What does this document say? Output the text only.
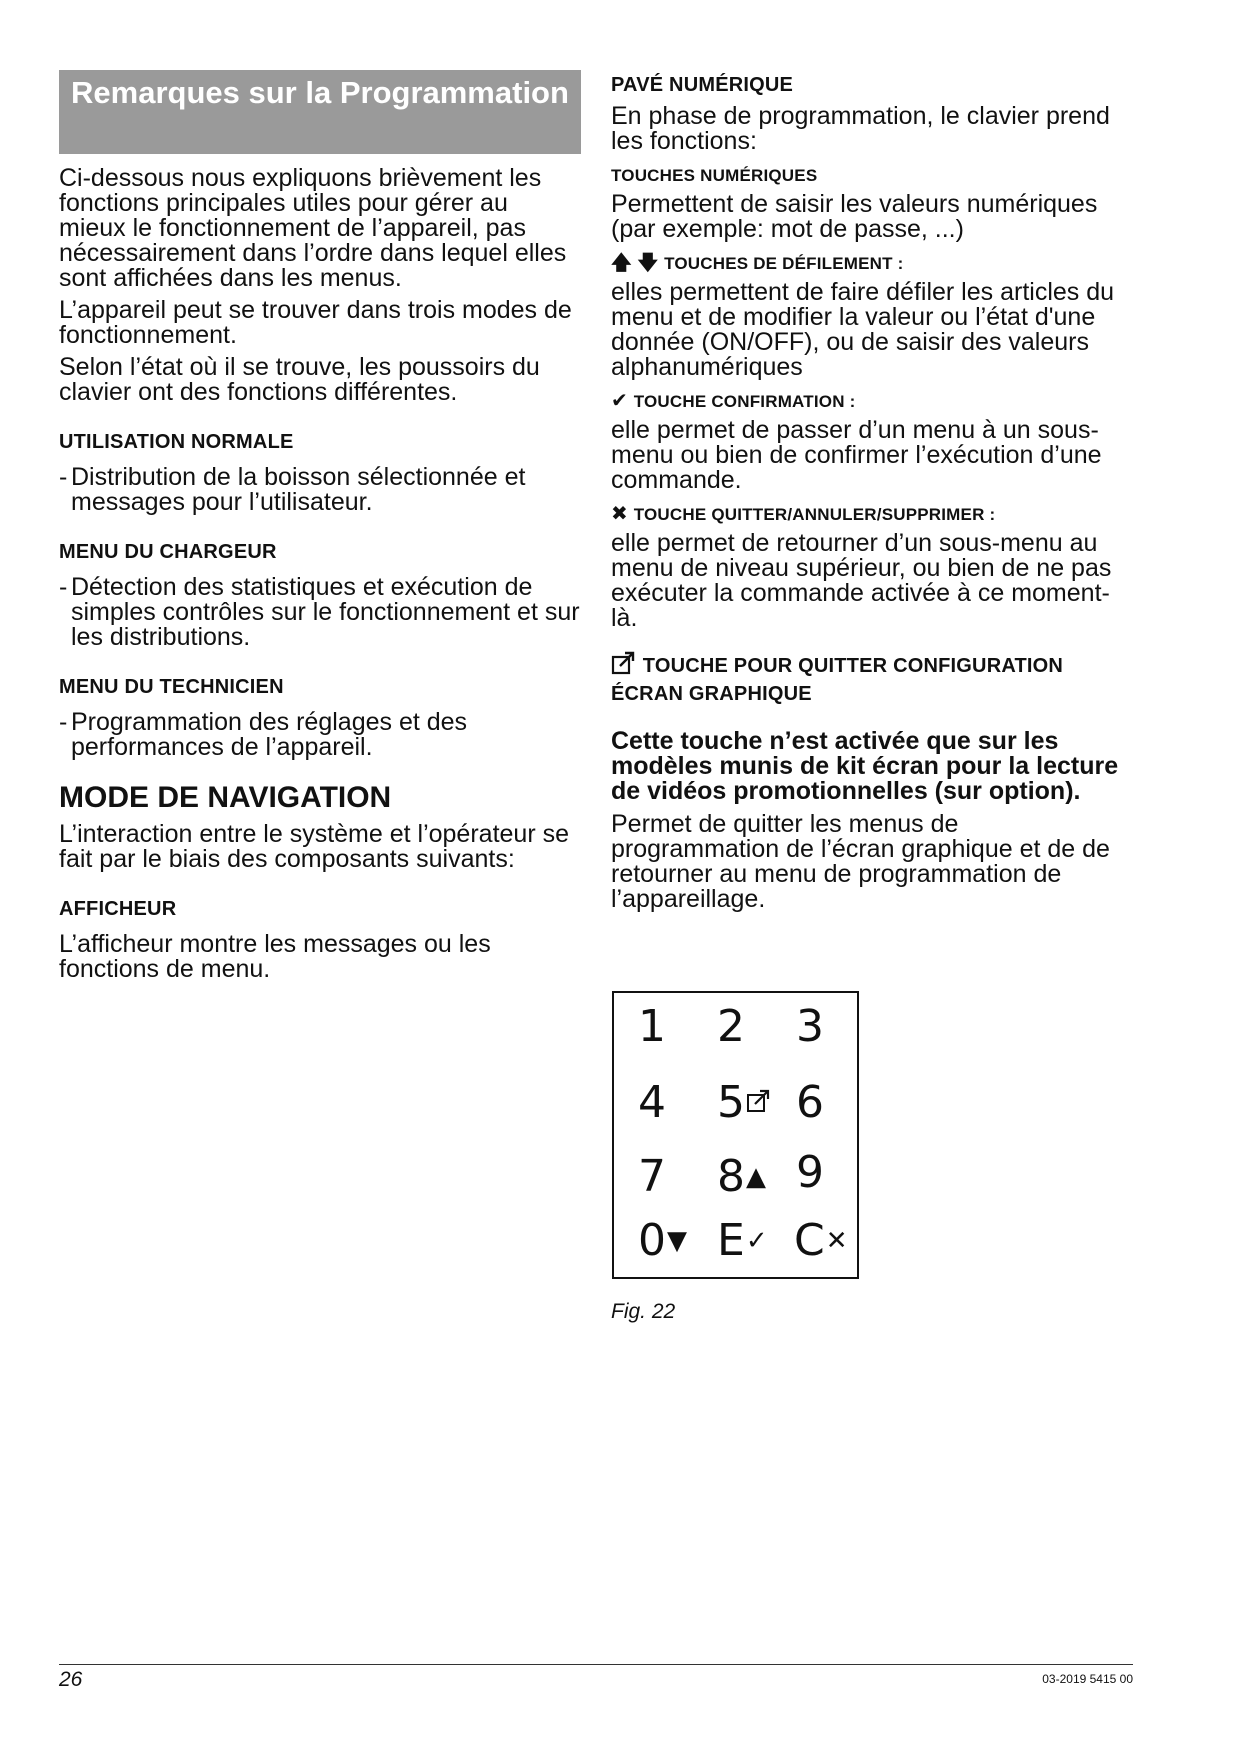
Remarques sur la Programmation

Ci-dessous nous expliquons brièvement les fonctions principales utiles pour gérer au mieux le fonctionnement de l’appareil, pas nécessairement dans l’ordre dans lequel elles sont affichées dans les menus.

L’appareil peut se trouver dans trois modes de fonctionnement.

Selon l’état où il se trouve, les poussoirs du clavier ont des fonctions différentes.

UTILISATION NORMALE
- Distribution de la boisson sélectionnée et messages pour l’utilisateur.
MENU DU CHARGEUR
- Détection des statistiques et exécution de simples contrôles sur le fonctionnement et sur les distributions.
MENU DU TECHNICIEN
- Programmation des réglages et des performances de l’appareil.
MODE DE NAVIGATION

L’interaction entre le système et l’opérateur se fait par le biais des composants suivants:

AFFICHEUR

L’afficheur montre les messages ou les fonctions de menu.

PAVÉ NUMÉRIQUE

En phase de programmation, le clavier prend les fonctions:

TOUCHES NUMÉRIQUES

Permettent de saisir les valeurs numériques (par exemple: mot de passe, ...)

🡅 🡇 TOUCHES DE DÉFILEMENT :

elles permettent de faire défiler les articles du menu et de modifier la valeur ou l’état d'une donnée (ON/OFF), ou de saisir des valeurs alphanumériques

✔ TOUCHE CONFIRMATION :

elle permet de passer d’un menu à un sous-menu ou bien de confirmer l’exécution d’une commande.

✖ TOUCHE QUITTER/ANNULER/SUPPRIMER :

elle permet de retourner d’un sous-menu au menu de niveau supérieur, ou bien de ne pas exécuter la commande activée à ce moment-là.

TOUCHE POUR QUITTER CONFIGURATION
ÉCRAN GRAPHIQUE

Cette touche n’est activée que sur les modèles munis de kit écran pour la lecture de vidéos promotionnelles (sur option).

Permet de quitter les menus de programmation de l’écran graphique et de de retourner au menu de programmation de l’appareillage.

1 2 3
4 5	6
7 8▲ 9
0▼ E✓ C✕
Fig. 22
26	03-2019 5415 00
